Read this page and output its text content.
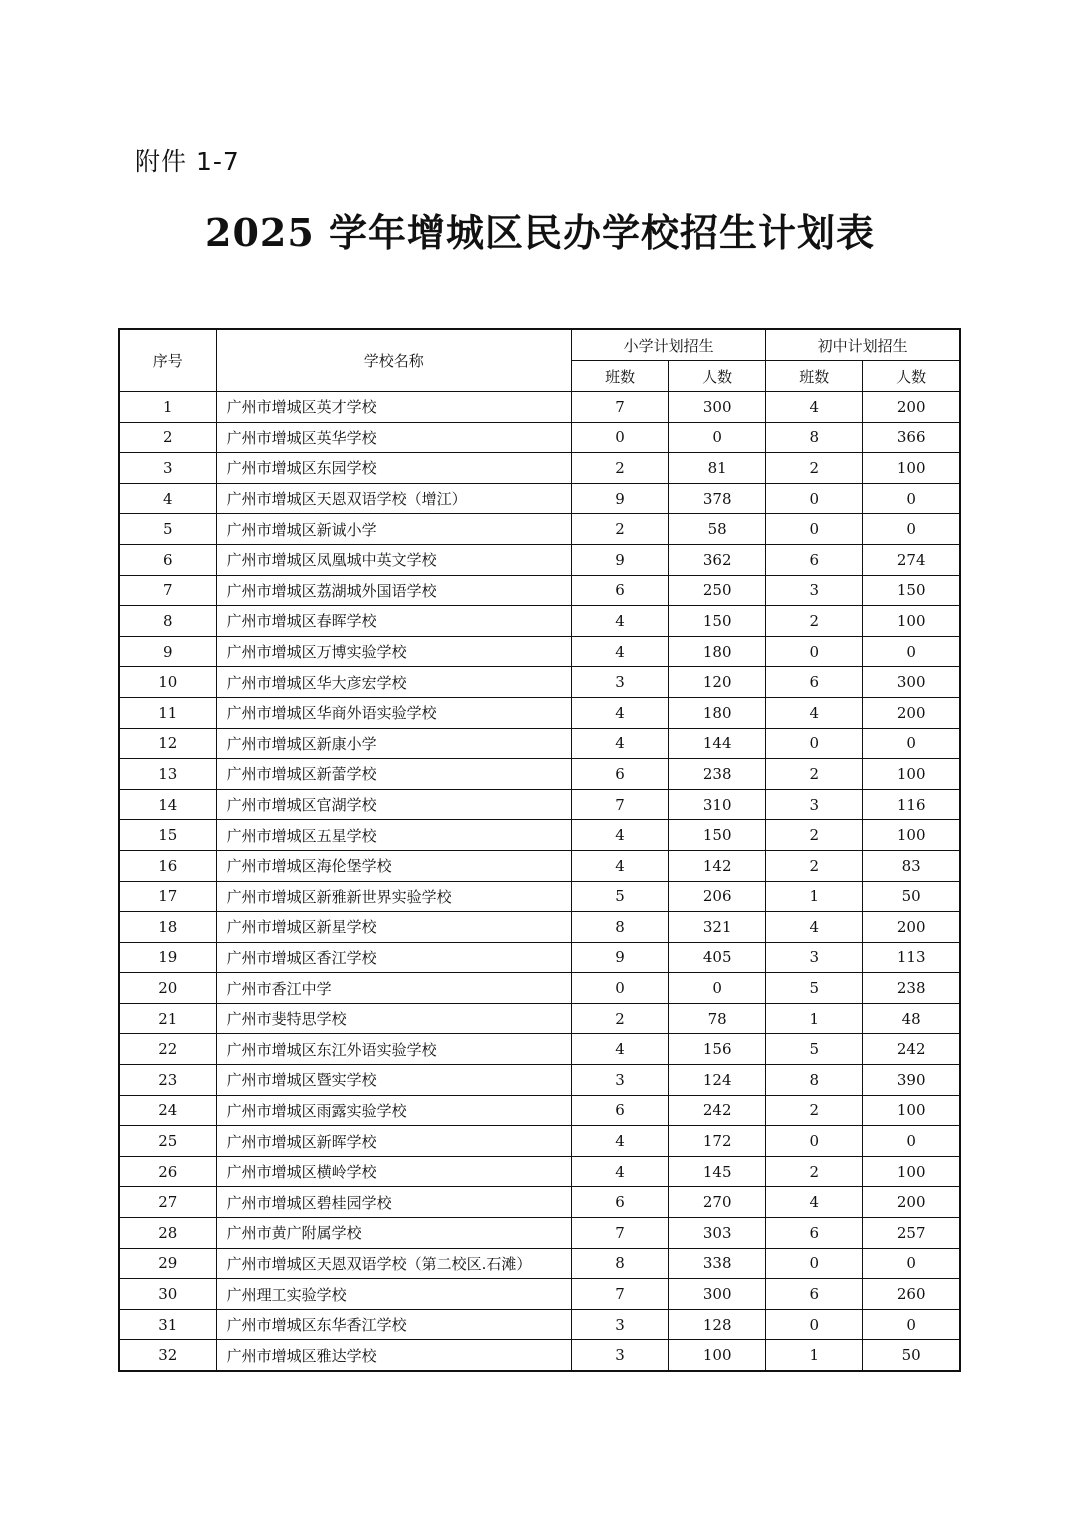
附件 1-7
2025 学年增城区民办学校招生计划表
序号	学校名称	小学计划招生		初中计划招生	
		班数	人数	班数	人数
1	广州市增城区英才学校	7	300	4	200
2	广州市增城区英华学校	0	0	8	366
3	广州市增城区东园学校	2	81	2	100
4	广州市增城区天恩双语学校（增江）	9	378	0	0
5	广州市增城区新诚小学	2	58	0	0
6	广州市增城区凤凰城中英文学校	9	362	6	274
7	广州市增城区荔湖城外国语学校	6	250	3	150
8	广州市增城区春晖学校	4	150	2	100
9	广州市增城区万博实验学校	4	180	0	0
10	广州市增城区华大彦宏学校	3	120	6	300
11	广州市增城区华商外语实验学校	4	180	4	200
12	广州市增城区新康小学	4	144	0	0
13	广州市增城区新蕾学校	6	238	2	100
14	广州市增城区官湖学校	7	310	3	116
15	广州市增城区五星学校	4	150	2	100
16	广州市增城区海伦堡学校	4	142	2	83
17	广州市增城区新雅新世界实验学校	5	206	1	50
18	广州市增城区新星学校	8	321	4	200
19	广州市增城区香江学校	9	405	3	113
20	广州市香江中学	0	0	5	238
21	广州市斐特思学校	2	78	1	48
22	广州市增城区东江外语实验学校	4	156	5	242
23	广州市增城区暨实学校	3	124	8	390
24	广州市增城区雨露实验学校	6	242	2	100
25	广州市增城区新晖学校	4	172	0	0
26	广州市增城区横岭学校	4	145	2	100
27	广州市增城区碧桂园学校	6	270	4	200
28	广州市黄广附属学校	7	303	6	257
29	广州市增城区天恩双语学校（第二校区.石滩）	8	338	0	0
30	广州理工实验学校	7	300	6	260
31	广州市增城区东华香江学校	3	128	0	0
32	广州市增城区雅达学校	3	100	1	50
